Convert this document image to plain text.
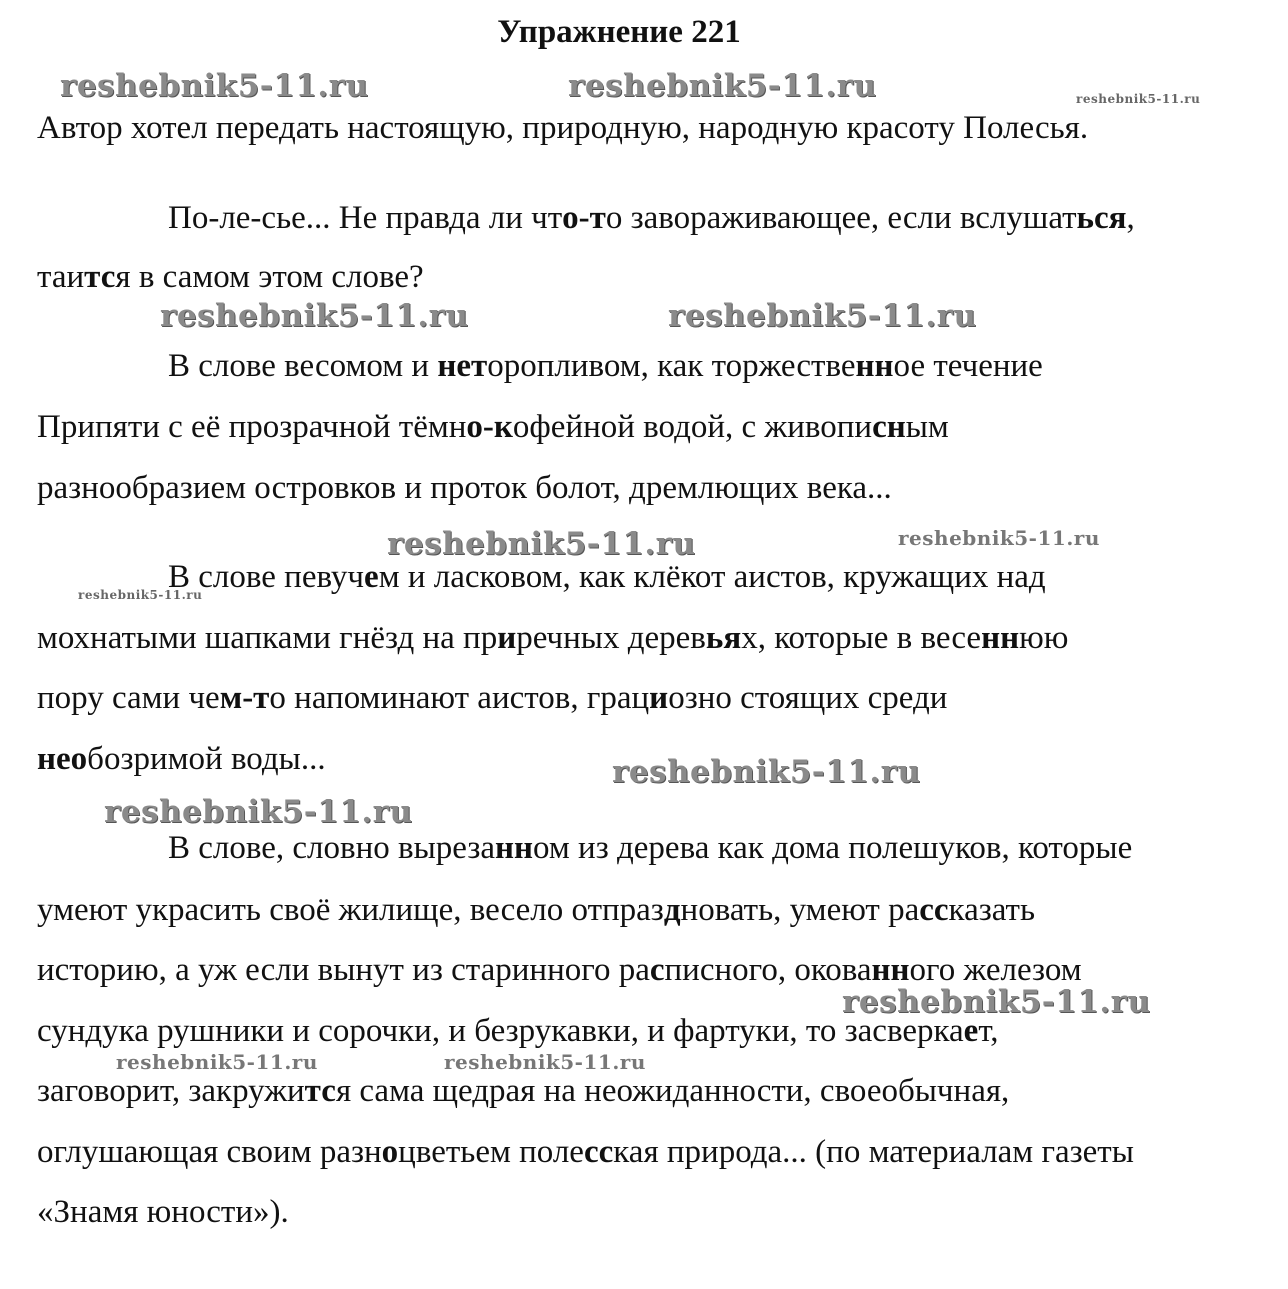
Упражнение 221
reshebnik5-11.ru	reshebnik5-11.ru	reshebnik5-11.ru
reshebnik5-11.ru	reshebnik5-11.ru
reshebnik5-11.ru	reshebnik5-11.ru
reshebnik5-11.ru
reshebnik5-11.ru
reshebnik5-11.ru
reshebnik5-11.ru
reshebnik5-11.ru	reshebnik5-11.ru
Автор хотел передать настоящую, природную, народную красоту Полесья.
По-ле-сье... Не правда ли что-то завораживающее, если вслушаться,
таится в самом этом слове?
В слове весомом и неторопливом, как торжественное течение
Припяти с её прозрачной тёмно-кофейной водой, с живописным
разнообразием островков и проток болот, дремлющих века...
В слове певучем и ласковом, как клёкот аистов, кружащих над
мохнатыми шапками гнёзд на приречных деревьях, которые в весеннюю
пору сами чем-то напоминают аистов, грациозно стоящих среди
необозримой воды...
В слове, словно вырезанном из дерева как дома полешуков, которые
умеют украсить своё жилище, весело отпраздновать, умеют рассказать
историю, а уж если вынут из старинного расписного, окованного железом
сундука рушники и сорочки, и безрукавки, и фартуки, то засверкает,
заговорит, закружится сама щедрая на неожиданности, своеобычная,
оглушающая своим разноцветьем полесская природа... (по материалам газеты
«Знамя юности»).
